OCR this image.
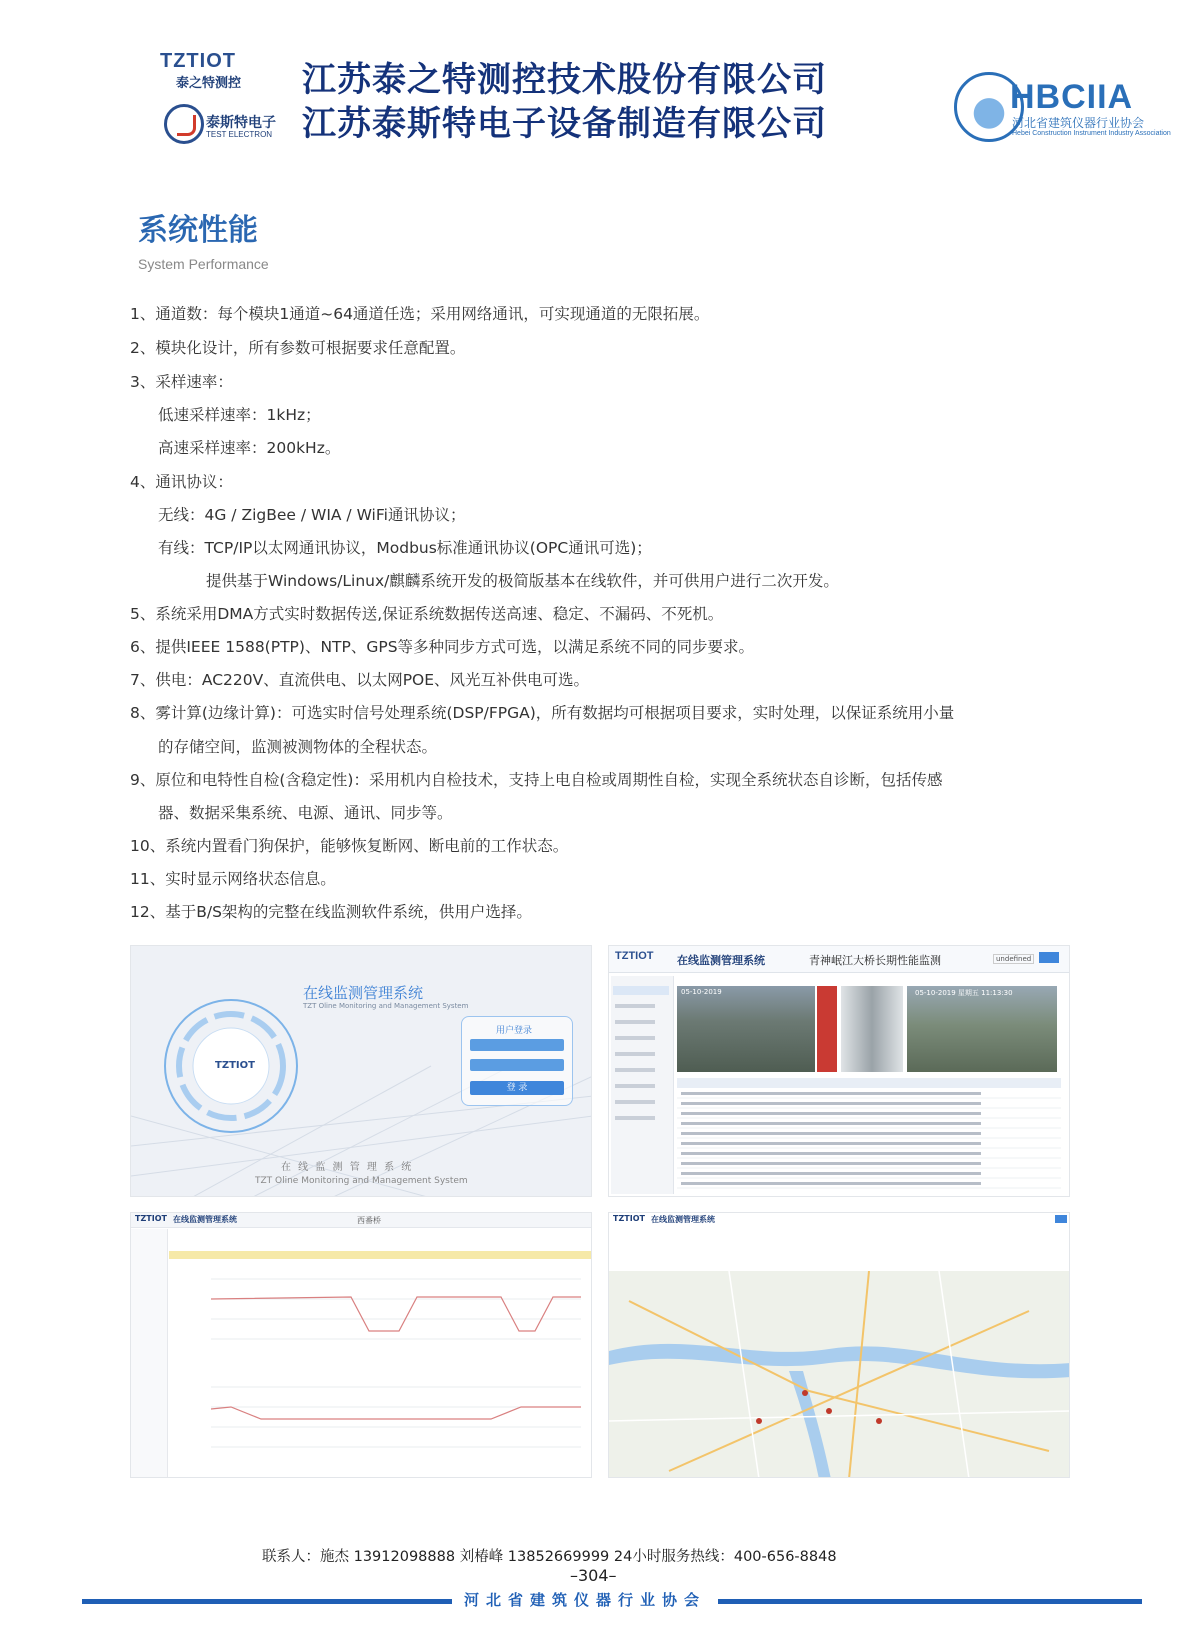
TZTIOT
泰之特测控
泰斯特电子
TEST ELECTRON
江苏泰之特测控技术股份有限公司
江苏泰斯特电子设备制造有限公司
HBCIIA
河北省建筑仪器行业协会
Hebei Construction Instrument Industry Association
系统性能
System Performance
1、通道数：每个模块1通道~64通道任选；采用网络通讯，可实现通道的无限拓展。
2、模块化设计，所有参数可根据要求任意配置。
3、采样速率：
低速采样速率：1kHz；
高速采样速率：200kHz。
4、通讯协议：
无线：4G / ZigBee / WIA / WiFi通讯协议；
有线：TCP/IP以太网通讯协议，Modbus标准通讯协议(OPC通讯可选)；
提供基于Windows/Linux/麒麟系统开发的极简版基本在线软件，并可供用户进行二次开发。
5、系统采用DMA方式实时数据传送,保证系统数据传送高速、稳定、不漏码、不死机。
6、提供IEEE 1588(PTP)、NTP、GPS等多种同步方式可选，以满足系统不同的同步要求。
7、供电：AC220V、直流供电、以太网POE、风光互补供电可选。
8、雾计算(边缘计算)：可选实时信号处理系统(DSP/FPGA)，所有数据均可根据项目要求，实时处理，以保证系统用小量
的存储空间，监测被测物体的全程状态。
9、原位和电特性自检(含稳定性)：采用机内自检技术，支持上电自检或周期性自检，实现全系统状态自诊断，包括传感
器、数据采集系统、电源、通讯、同步等。
10、系统内置看门狗保护，能够恢复断网、断电前的工作状态。
11、实时显示网络状态信息。
12、基于B/S架构的完整在线监测软件系统，供用户选择。
TZTIOT
在线监测管理系统
TZT Oline Monitoring and Management System
用户登录
登 录
在 线 监 测 管 理 系 统
TZT Oline Monitoring and Management System
TZTIOT 在线监测管理系统	青神岷江大桥长期性能监测	undefined
05-10-2019	05-10-2019 星期五 11:13:30
TZTIOT 在线监测管理系统	西番桥	TZTIOT 在线监测管理系统
联系人：施杰 13912098888 刘椿峰 13852669999 24小时服务热线：400-656-8848
–304–
河北省建筑仪器行业协会
